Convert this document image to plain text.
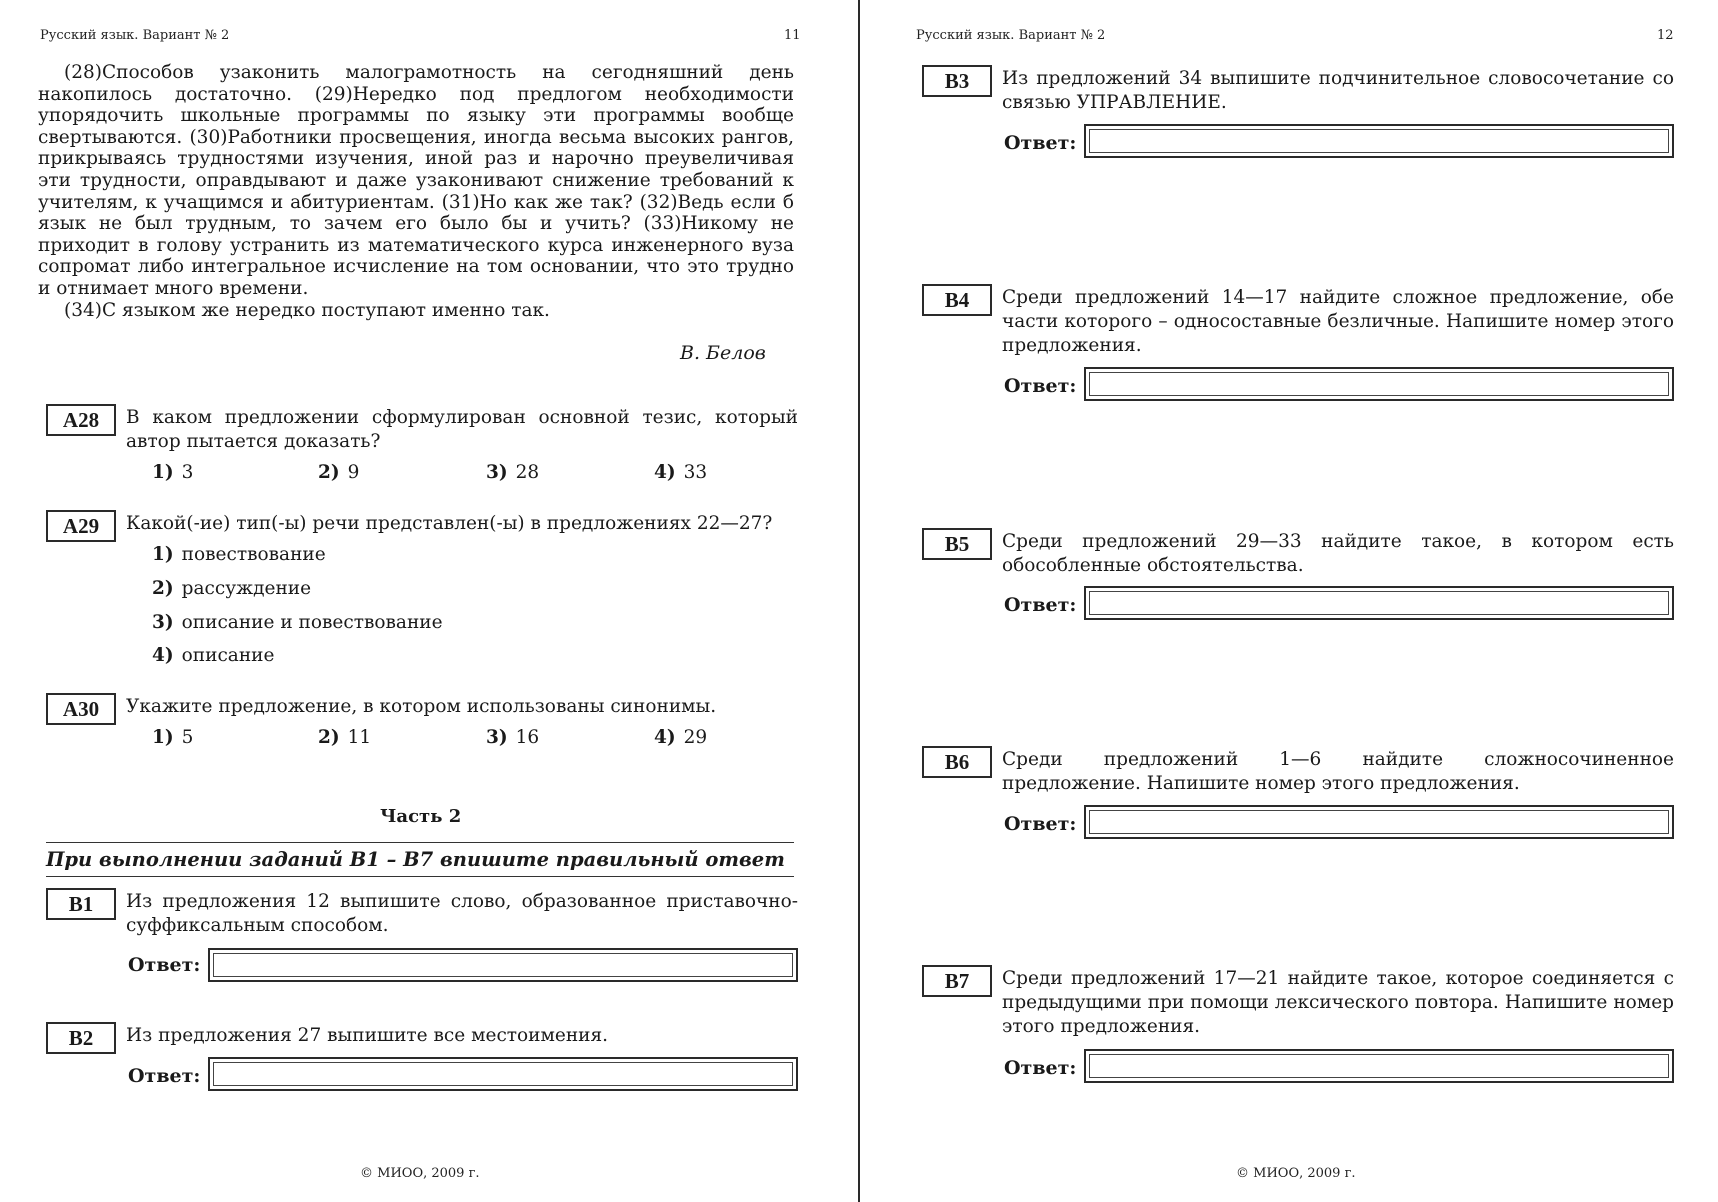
Русский язык. Вариант № 2	11

(28)Способов узаконить малограмотность на сегодняшний день накопилось достаточно. (29)Нередко под предлогом необходимости упорядочить школьные программы по языку эти программы вообще свертываются. (30)Работники просвещения, иногда весьма высоких рангов, прикрываясь трудностями изучения, иной раз и нарочно преувеличивая эти трудности, оправдывают и даже узаконивают снижение требований к учителям, к учащимся и абитуриентам. (31)Но как же так? (32)Ведь если б язык не был трудным, то зачем его было бы и учить? (33)Никому не приходит в голову устранить из математического курса инженерного вуза сопромат либо интегральное исчисление на том основании, что это трудно и отнимает много времени.

(34)С языком же нередко поступают именно так.

В. Белов
А28	В каком предложении сформулирован основной тезис, который автор пытается доказать?
1) 3	2) 9	3) 28	4) 33
А29	Какой(-ие) тип(-ы) речи представлен(-ы) в предложениях 22—27?
1) повествование
2) рассуждение
3) описание и повествование
4) описание
А30	Укажите предложение, в котором использованы синонимы.
1) 5	2) 11	3) 16	4) 29
Часть 2
При выполнении заданий В1 – В7 впишите правильный ответ
В1	Из предложения 12 выпишите слово, образованное приставочно-суффиксальным способом.
Ответ:
В2	Из предложения 27 выпишите все местоимения.
Ответ:
© МИОО, 2009 г.
Русский язык. Вариант № 2	12
В3	Из предложений 34 выпишите подчинительное словосочетание со связью УПРАВЛЕНИЕ.
Ответ:
В4	Среди предложений 14—17 найдите сложное предложение, обе части которого – односоставные безличные. Напишите номер этого предложения.
Ответ:
В5	Среди предложений 29—33 найдите такое, в котором есть обособленные обстоятельства.
Ответ:
В6	Среди предложений 1—6 найдите сложносочиненное предложение. Напишите номер этого предложения.
Ответ:
В7	Среди предложений 17—21 найдите такое, которое соединяется с предыдущими при помощи лексического повтора. Напишите номер этого предложения.
Ответ:
© МИОО, 2009 г.
